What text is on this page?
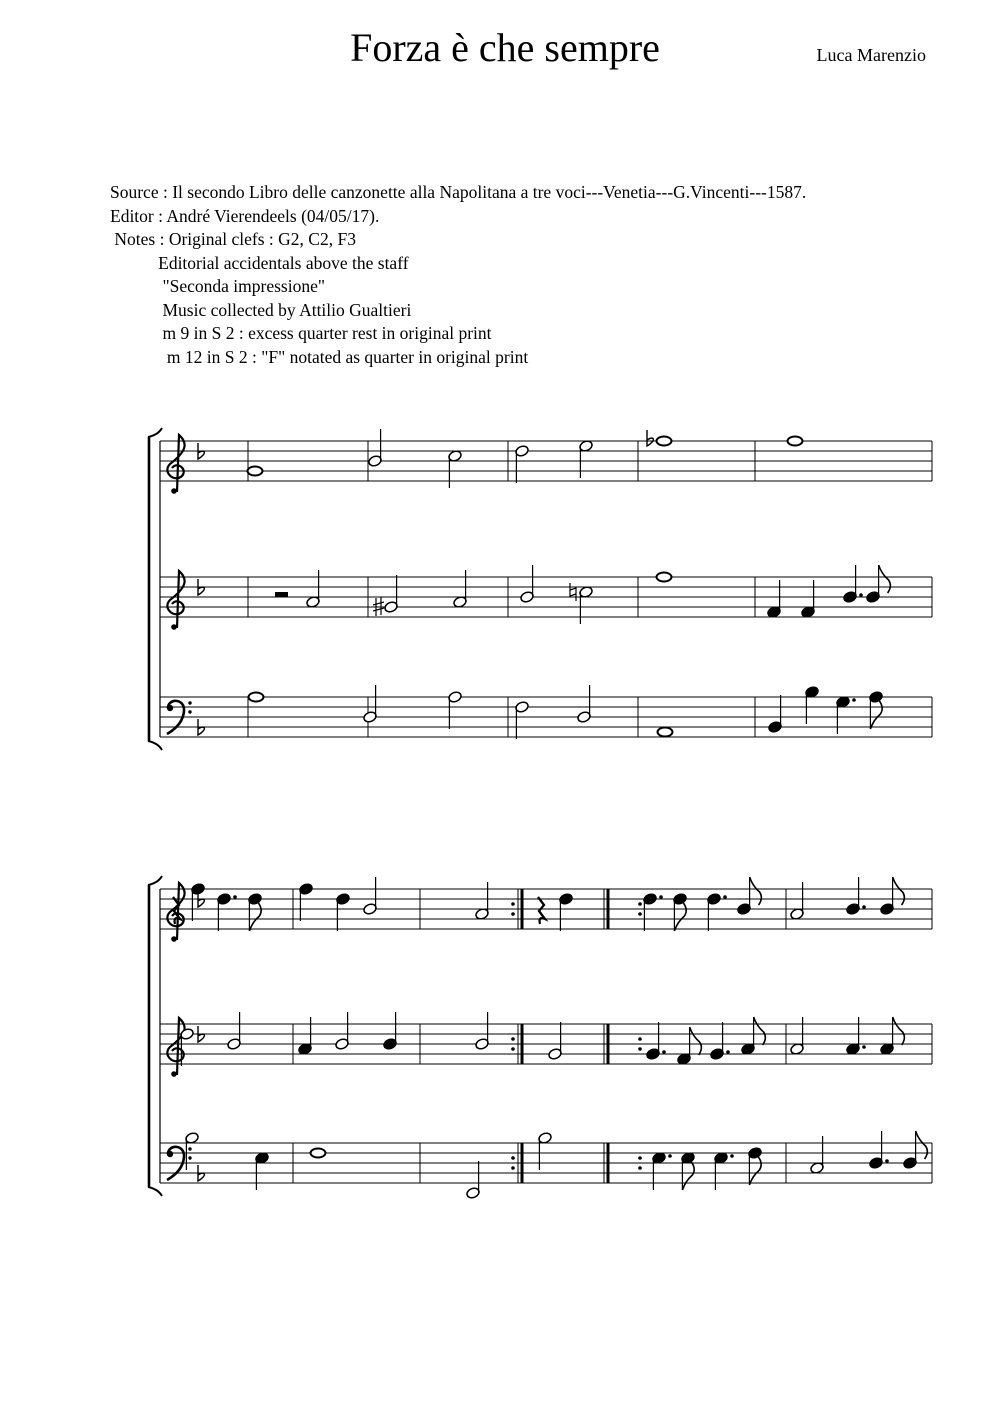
Forza è che sempre	Luca Marenzio
Source : Il secondo Libro delle canzonette alla Napolitana a tre voci---Venetia---G.Vincenti---1587.
Editor : André Vierendeels (04/05/17).
Notes : Original clefs : G2, C2, F3
Editorial accidentals above the staff
"Seconda impressione"
Music collected by Attilio Gualtieri
m 9 in S 2 : excess quarter rest in original print
m 12 in S 2 : "F" notated as quarter in original print
